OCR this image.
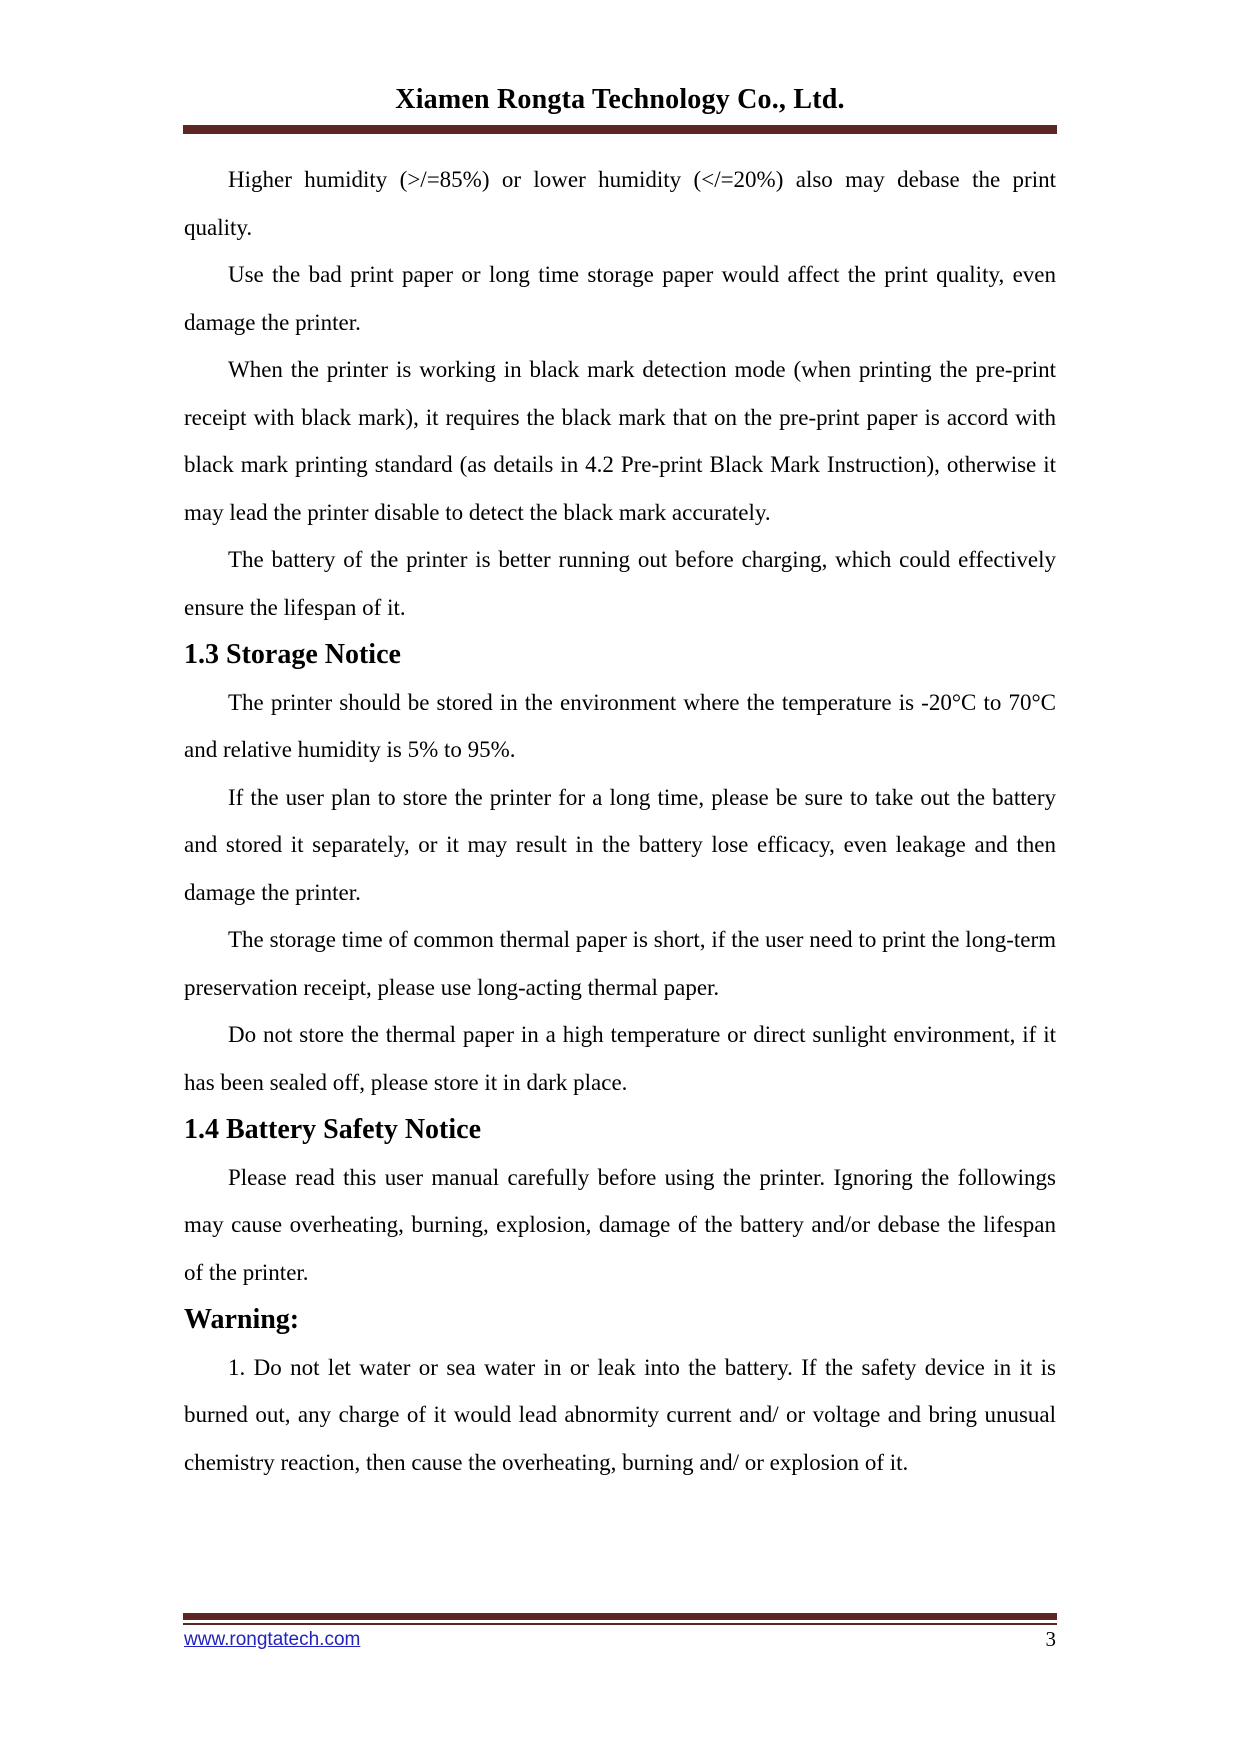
Xiamen Rongta Technology Co., Ltd.

Higher humidity (>/=85%) or lower humidity (</=20%) also may debase the print quality.

Use the bad print paper or long time storage paper would affect the print quality, even damage the printer.

When the printer is working in black mark detection mode (when printing the pre-print receipt with black mark), it requires the black mark that on the pre-print paper is accord with black mark printing standard (as details in 4.2 Pre-print Black Mark Instruction), otherwise it may lead the printer disable to detect the black mark accurately.

The battery of the printer is better running out before charging, which could effectively ensure the lifespan of it.

1.3 Storage Notice

The printer should be stored in the environment where the temperature is -20°C to 70°C and relative humidity is 5% to 95%.

If the user plan to store the printer for a long time, please be sure to take out the battery and stored it separately, or it may result in the battery lose efficacy, even leakage and then damage the printer.

The storage time of common thermal paper is short, if the user need to print the long-term preservation receipt, please use long-acting thermal paper.

Do not store the thermal paper in a high temperature or direct sunlight environment, if it has been sealed off, please store it in dark place.

1.4 Battery Safety Notice

Please read this user manual carefully before using the printer. Ignoring the followings may cause overheating, burning, explosion, damage of the battery and/or debase the lifespan of the printer.

Warning:

1. Do not let water or sea water in or leak into the battery. If the safety device in it is burned out, any charge of it would lead abnormity current and/ or voltage and bring unusual chemistry reaction, then cause the overheating, burning and/ or explosion of it.

www.rongtatech.com	3
